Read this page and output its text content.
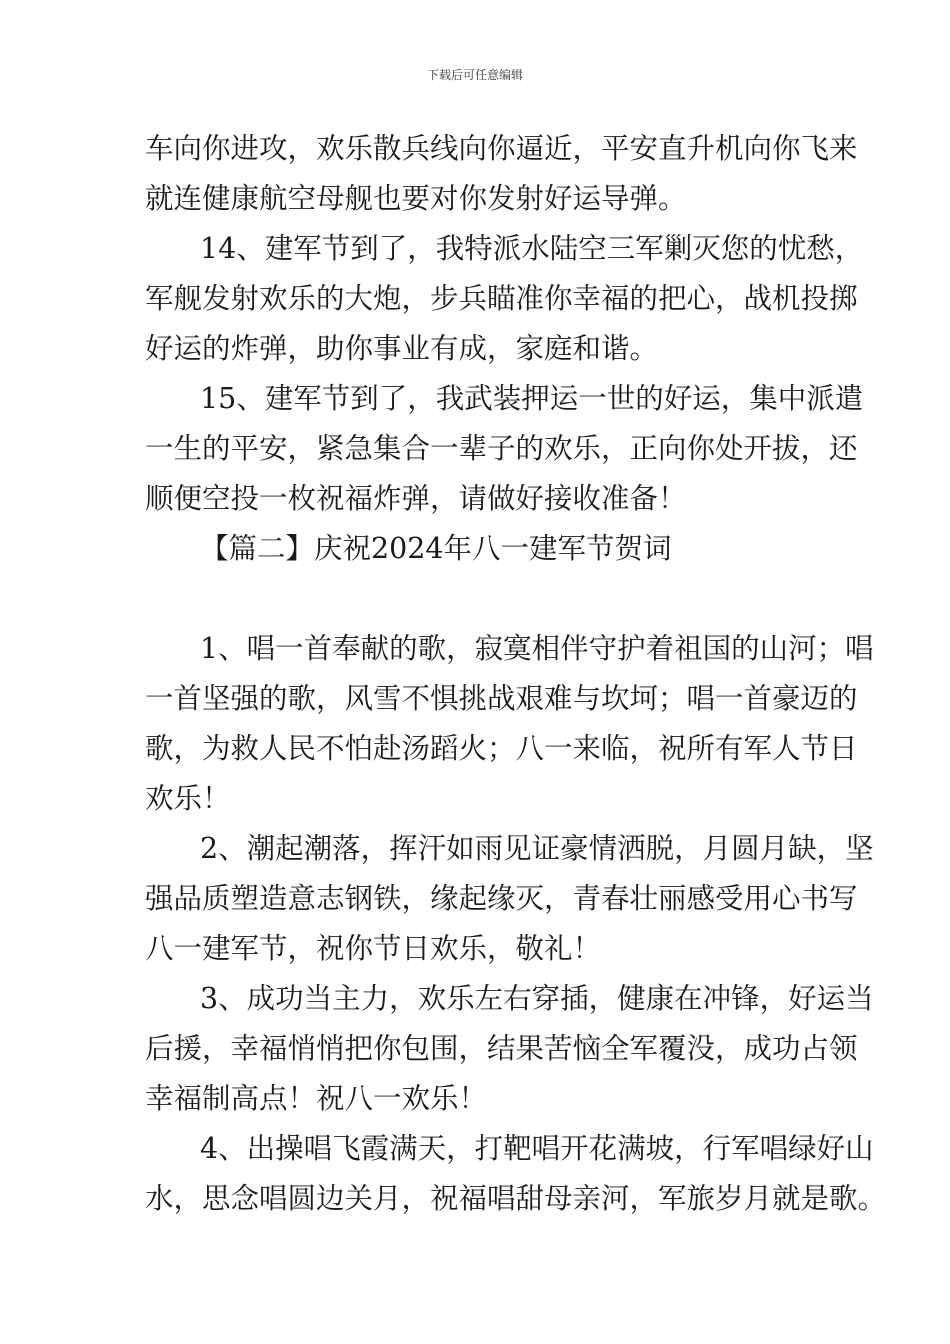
下载后可任意编辑
车向你进攻，欢乐散兵线向你逼近，平安直升机向你飞来
就连健康航空母舰也要对你发射好运导弹。
14、建军节到了，我特派水陆空三军剿灭您的忧愁，
军舰发射欢乐的大炮，步兵瞄准你幸福的把心，战机投掷
好运的炸弹，助你事业有成，家庭和谐。
15、建军节到了，我武装押运一世的好运，集中派遣
一生的平安，紧急集合一辈子的欢乐，正向你处开拔，还
顺便空投一枚祝福炸弹，请做好接收准备！
【篇二】庆祝2024年八一建军节贺词
1、唱一首奉献的歌，寂寞相伴守护着祖国的山河；唱
一首坚强的歌，风雪不惧挑战艰难与坎坷；唱一首豪迈的
歌，为救人民不怕赴汤蹈火；八一来临，祝所有军人节日
欢乐！
2、潮起潮落，挥汗如雨见证豪情洒脱，月圆月缺，坚
强品质塑造意志钢铁，缘起缘灭，青春壮丽感受用心书写
八一建军节，祝你节日欢乐，敬礼！
3、成功当主力，欢乐左右穿插，健康在冲锋，好运当
后援，幸福悄悄把你包围，结果苦恼全军覆没，成功占领
幸福制高点！祝八一欢乐！
4、出操唱飞霞满天，打靶唱开花满坡，行军唱绿好山
水，思念唱圆边关月，祝福唱甜母亲河，军旅岁月就是歌。
